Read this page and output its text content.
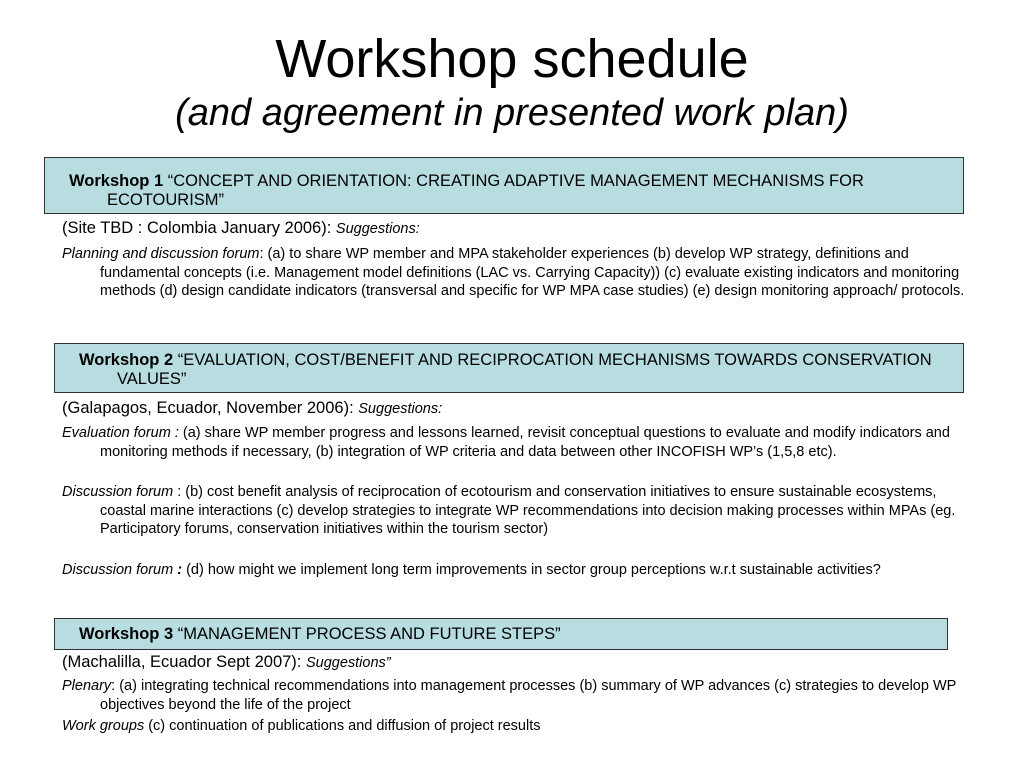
Workshop schedule
(and agreement in presented work plan)
Workshop 1 “CONCEPT AND ORIENTATION: CREATING ADAPTIVE MANAGEMENT MECHANISMS FOR ECOTOURISM”
(Site TBD : Colombia January 2006): Suggestions:
Planning and discussion forum: (a) to share WP member and MPA stakeholder experiences (b) develop WP strategy, definitions and fundamental concepts (i.e. Management model definitions (LAC vs. Carrying Capacity)) (c) evaluate existing indicators and monitoring methods (d) design candidate indicators (transversal and specific for WP MPA case studies) (e) design monitoring approach/ protocols.
Workshop 2 “EVALUATION, COST/BENEFIT AND RECIPROCATION MECHANISMS TOWARDS CONSERVATION VALUES”
(Galapagos, Ecuador, November 2006): Suggestions:
Evaluation forum : (a) share WP member progress and lessons learned, revisit conceptual questions to evaluate and modify indicators and monitoring methods if necessary, (b) integration of WP criteria and data between other INCOFISH WP’s (1,5,8 etc).
Discussion forum : (b) cost benefit analysis of reciprocation of ecotourism and conservation initiatives to ensure sustainable ecosystems, coastal marine interactions (c) develop strategies to integrate WP recommendations into decision making processes within MPAs (eg. Participatory forums, conservation initiatives within the tourism sector)
Discussion forum : (d) how might we implement long term improvements in sector group perceptions w.r.t sustainable activities?
Workshop 3 “MANAGEMENT PROCESS AND FUTURE STEPS”
(Machalilla, Ecuador Sept 2007): Suggestions”
Plenary: (a) integrating technical recommendations into management processes (b) summary of WP advances (c) strategies to develop WP objectives beyond the life of the project
Work groups (c) continuation of publications and diffusion of project results
